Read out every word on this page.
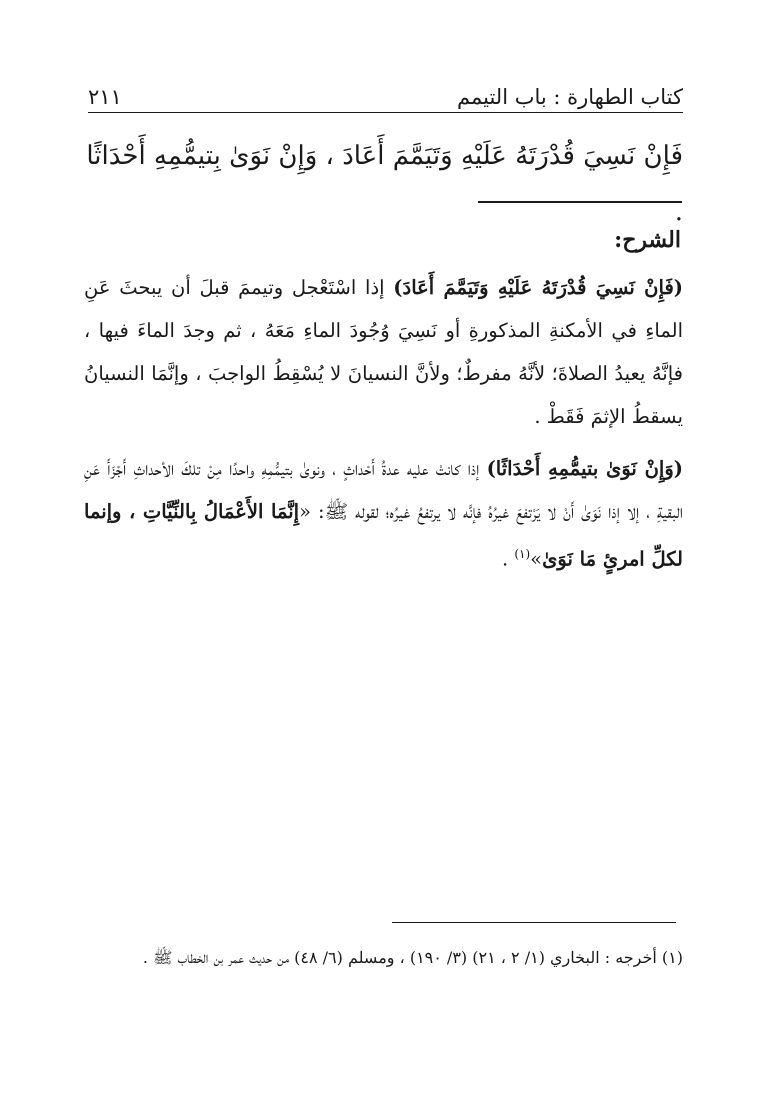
كتاب الطهارة : باب التيمم
٢١١
فَإِنْ نَسِيَ قُدْرَتَهُ عَلَيْهِ وَتَيَمَّمَ أَعَادَ ، وَإِنْ نَوَىٰ بِتيمُّمِهِ أَحْدَاثًا .
الشرح:

(فَإِنْ نَسِيَ قُدْرَتَهُ عَلَيْهِ وَتَيَمَّمَ أَعَادَ) إذا اسْتَعْجل وتيممَ قبلَ أن يبحثَ عَنِ الماءِ في الأمكنةِ المذكورةِ أو نَسِيَ وُجُودَ الماءِ مَعَهُ ، ثم وجدَ الماءَ فيها ، فإنَّهُ يعيدُ الصلاةَ؛ لأنَّهُ مفرطٌ؛ ولأنَّ النسيانَ لا يُسْقِطُ الواجبَ ، وإنَّمَا النسيانُ يسقطُ الإثمَ فَقَطْ .

(وَإِنْ نَوَىٰ بتيمُّمِهِ أَحْدَاثًا) إذا كانتْ عليه عدةُ أَحْداثٍ ، ونوىٰ بتيمُّمِهِ واحدًا مِنْ تلكَ الأحداثِ أَجْزَأَ عَنِ البقيةِ ، إلا إذا نَوَىٰ أَنْ لا يَرْتفعَ غيرُهُ فإنَّه لا يرتفعُ غيرُه؛ لقوله ﷺ: «إِنَّمَا الأَعْمَالُ بِالنِّيَّاتِ ، وإنما لكلِّ امرئٍ مَا نَوَىٰ»$^{(١)}$ .

(١) أخرجه : البخاري (١/ ٢ ، ٢١) (٣/ ١٩٠) ، ومسلم (٦/ ٤٨) من حديث عمر بن الخطاب ﷺ .
